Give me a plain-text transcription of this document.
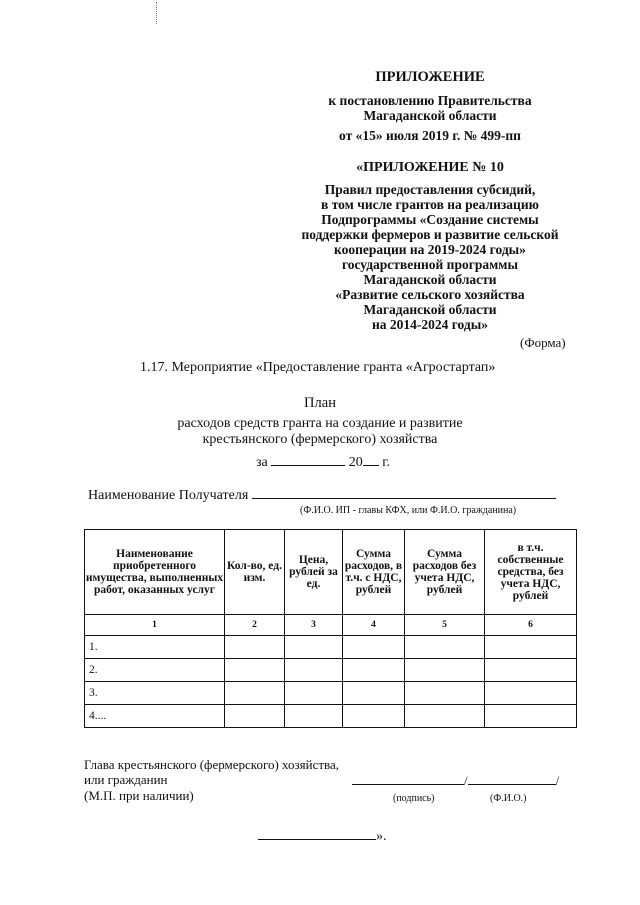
ПРИЛОЖЕНИЕ
к постановлению Правительства
Магаданской области
от «15» июля 2019 г. № 499-пп
«ПРИЛОЖЕНИЕ № 10
Правил предоставления субсидий,
в том числе грантов на реализацию
Подпрограммы «Создание системы
поддержки фермеров и развитие сельской
кооперации на 2019-2024 годы»
государственной программы
Магаданской области
«Развитие сельского хозяйства
Магаданской области
на 2014-2024 годы»
(Форма)
1.17. Мероприятие «Предоставление гранта «Агростартап»
План
расходов средств гранта на создание и развитие
крестьянского (фермерского) хозяйства
за	20 г.
Наименование Получателя
(Ф.И.О. ИП - главы КФХ, или Ф.И.О. гражданина)
Наименование приобретенного имущества, выполненных работ, оказанных услуг	Кол-во, ед. изм.	Цена, рублей за ед.	Сумма расходов, в т.ч. с НДС, рублей	Сумма расходов без учета НДС, рублей	в т.ч. собственные средства, без учета НДС, рублей
1	2	3	4	5	6
1.					
2.					
3.					
4....					
Глава крестьянского (фермерского) хозяйства,
или гражданин
(М.П. при наличии)
/	/
(подпись)	(Ф.И.О.)
».
